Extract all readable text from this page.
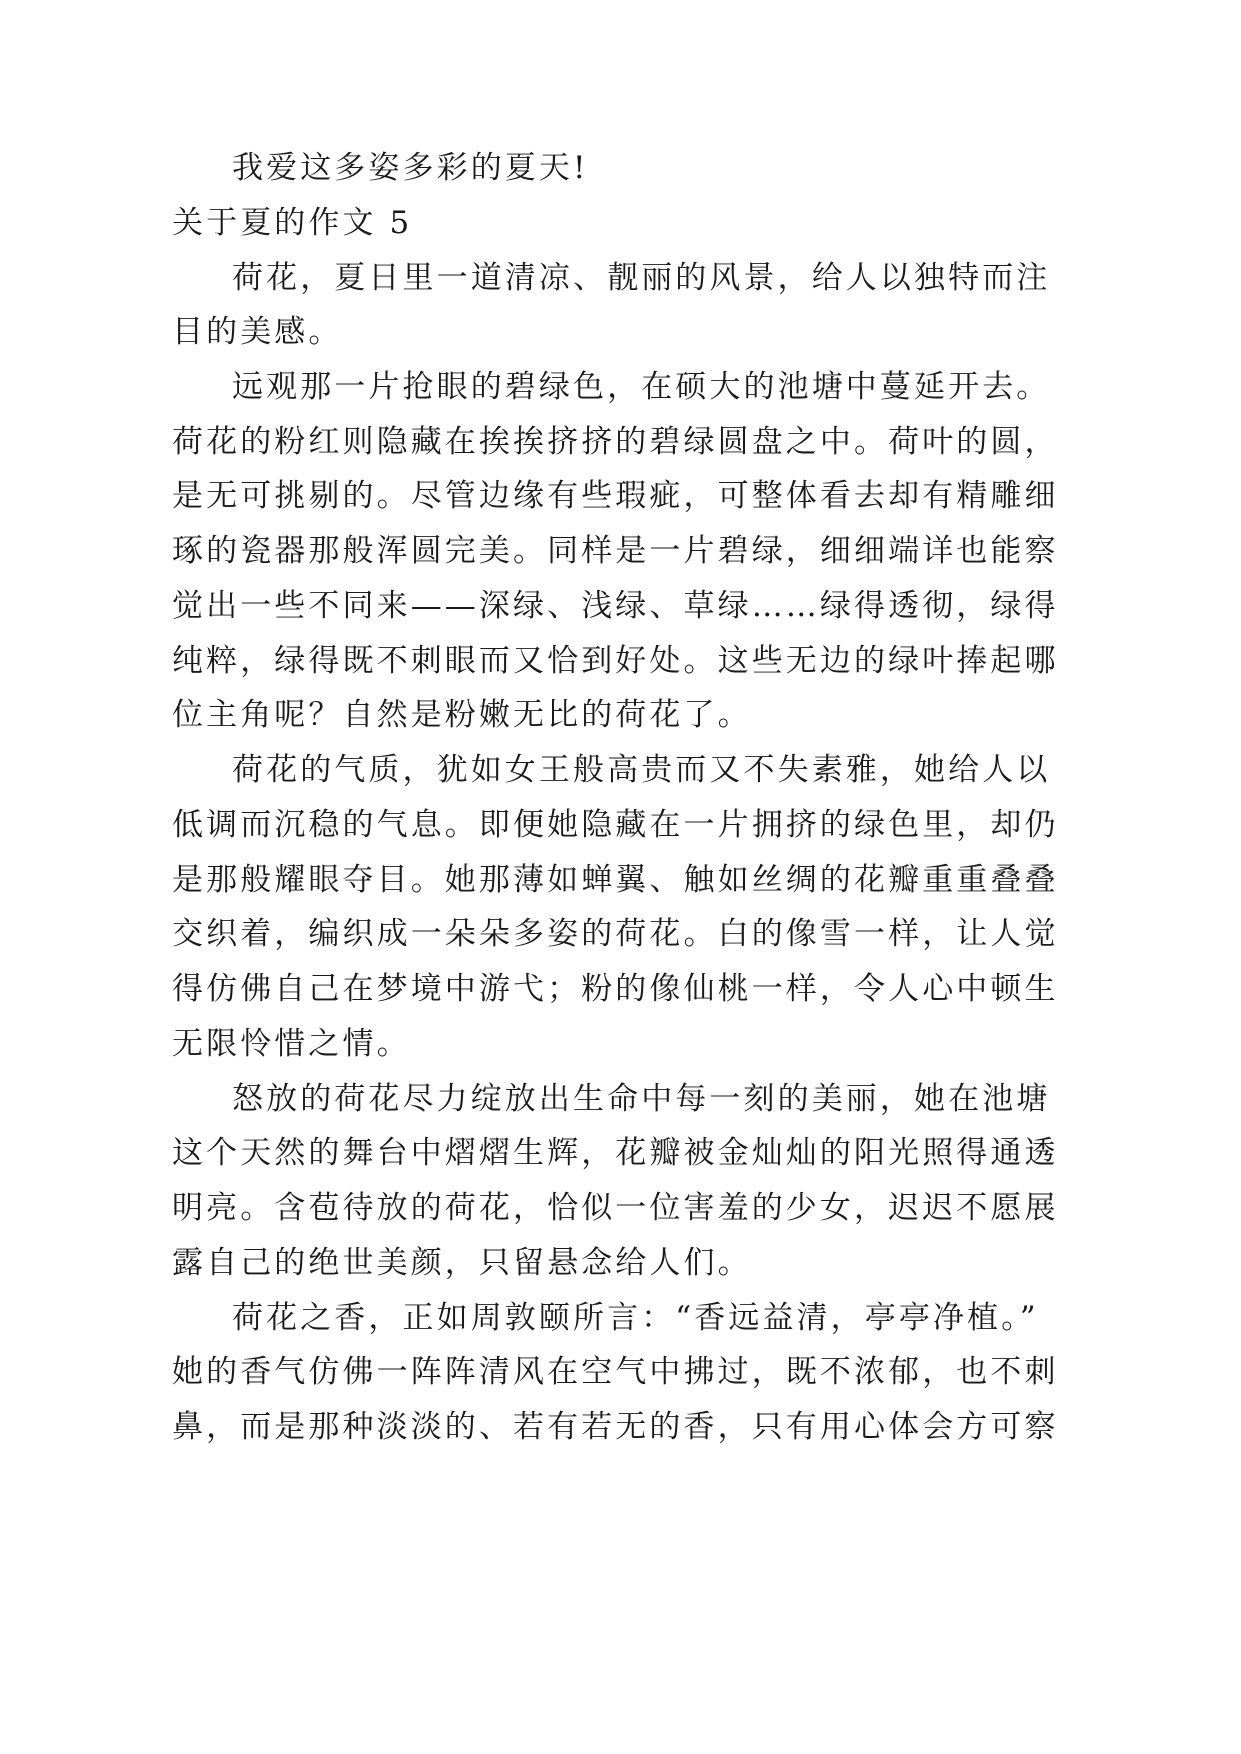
我爱这多姿多彩的夏天!
关于夏的作文 5
荷花，夏日里一道清凉、靓丽的风景，给人以独特而注
目的美感。
远观那一片抢眼的碧绿色，在硕大的池塘中蔓延开去。
荷花的粉红则隐藏在挨挨挤挤的碧绿圆盘之中。荷叶的圆，
是无可挑剔的。尽管边缘有些瑕疵，可整体看去却有精雕细
琢的瓷器那般浑圆完美。同样是一片碧绿，细细端详也能察
觉出一些不同来——深绿、浅绿、草绿……绿得透彻，绿得
纯粹，绿得既不刺眼而又恰到好处。这些无边的绿叶捧起哪
位主角呢？自然是粉嫩无比的荷花了。
荷花的气质，犹如女王般高贵而又不失素雅，她给人以
低调而沉稳的气息。即便她隐藏在一片拥挤的绿色里，却仍
是那般耀眼夺目。她那薄如蝉翼、触如丝绸的花瓣重重叠叠
交织着，编织成一朵朵多姿的荷花。白的像雪一样，让人觉
得仿佛自己在梦境中游弋；粉的像仙桃一样，令人心中顿生
无限怜惜之情。
怒放的荷花尽力绽放出生命中每一刻的美丽，她在池塘
这个天然的舞台中熠熠生辉，花瓣被金灿灿的阳光照得通透
明亮。含苞待放的荷花，恰似一位害羞的少女，迟迟不愿展
露自己的绝世美颜，只留悬念给人们。
荷花之香，正如周敦颐所言：“香远益清，亭亭净植。”
她的香气仿佛一阵阵清风在空气中拂过，既不浓郁，也不刺
鼻，而是那种淡淡的、若有若无的香，只有用心体会方可察
